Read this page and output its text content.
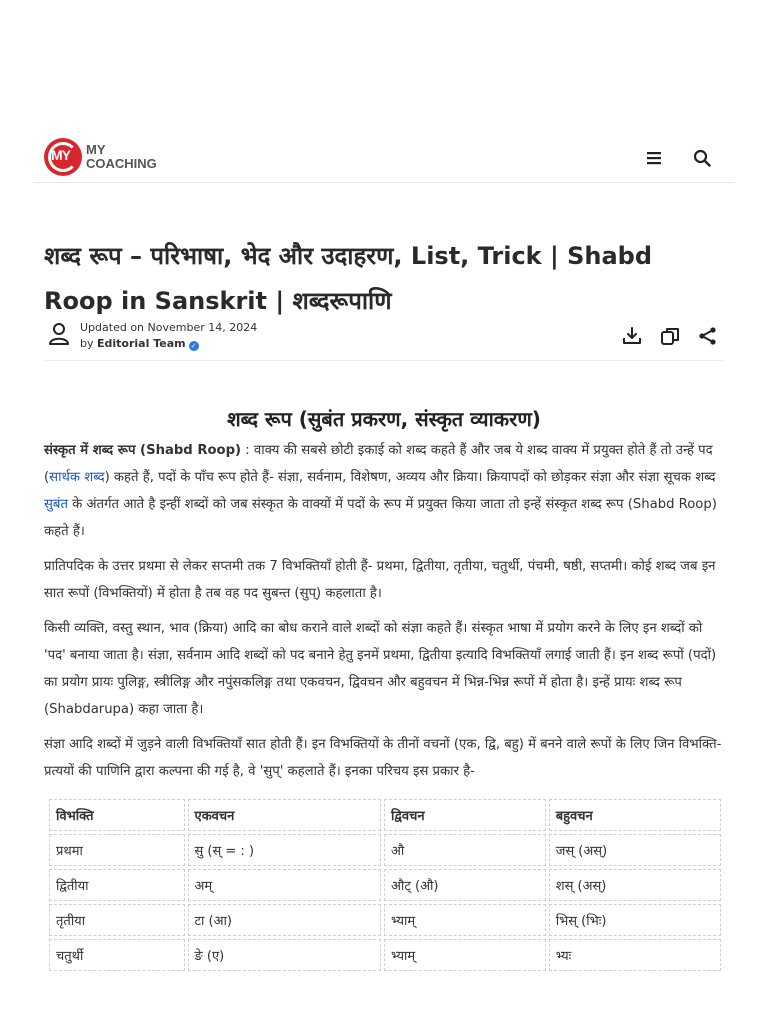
MY MY
COACHING
शब्द रूप – परिभाषा, भेद और उदाहरण, List, Trick | Shabd Roop in Sanskrit | शब्दरूपाणि
Updated on November 14, 2024
by Editorial Team ✓
शब्द रूप (सुबंत प्रकरण, संस्कृत व्याकरण)

संस्कृत में शब्द रूप (Shabd Roop) : वाक्य की सबसे छोटी इकाई को शब्द कहते हैं और जब ये शब्द वाक्य में प्रयुक्त होते हैं तो उन्हें पद (सार्थक शब्द) कहते हैं, पदों के पाँच रूप होते हैं- संज्ञा, सर्वनाम, विशेषण, अव्यय और क्रिया। क्रियापदों को छोड़कर संज्ञा और संज्ञा सूचक शब्द सुबंत के अंतर्गत आते है इन्हीं शब्दों को जब संस्कृत के वाक्यों में पदों के रूप में प्रयुक्त किया जाता तो इन्हें संस्कृत शब्द रूप (Shabd Roop) कहते हैं।

प्रातिपदिक के उत्तर प्रथमा से लेकर सप्तमी तक 7 विभक्तियाँ होती हैं- प्रथमा, द्वितीया, तृतीया, चतुर्थी, पंचमी, षष्ठी, सप्तमी। कोई शब्द जब इन सात रूपों (विभक्तियों) में होता है तब वह पद सुबन्त (सुप्) कहलाता है।

किसी व्यक्ति, वस्तु स्थान, भाव (क्रिया) आदि का बोध कराने वाले शब्दों को संज्ञा कहते हैं। संस्कृत भाषा में प्रयोग करने के लिए इन शब्दों को 'पद' बनाया जाता है। संज्ञा, सर्वनाम आदि शब्दों को पद बनाने हेतु इनमें प्रथमा, द्वितीया इत्यादि विभक्तियाँ लगाई जाती हैं। इन शब्द रूपों (पदों) का प्रयोग प्रायः पुलिङ्ग, स्त्रीलिङ्ग और नपुंसकलिङ्ग तथा एकवचन, द्विवचन और बहुवचन में भिन्न-भिन्न रूपों में होता है। इन्हें प्रायः शब्द रूप (Shabdarupa) कहा जाता है।

संज्ञा आदि शब्दों में जुड़ने वाली विभक्तियाँ सात होती हैं। इन विभक्तियों के तीनों वचनों (एक, द्वि, बहु) में बनने वाले रूपों के लिए जिन विभक्ति-प्रत्ययों की पाणिनि द्वारा कल्पना की गई है, वे 'सुप्' कहलाते हैं। इनका परिचय इस प्रकार है-

विभक्ति	एकवचन	द्विवचन	बहुवचन
प्रथमा	सु (स् = : )	औ	जस् (अस्)
द्वितीया	अम्	औट् (औ)	शस् (अस्)
तृतीया	टा (आ)	भ्याम्	भिस् (भिः)
चतुर्थी	ङे (ए)	भ्याम्	भ्यः
